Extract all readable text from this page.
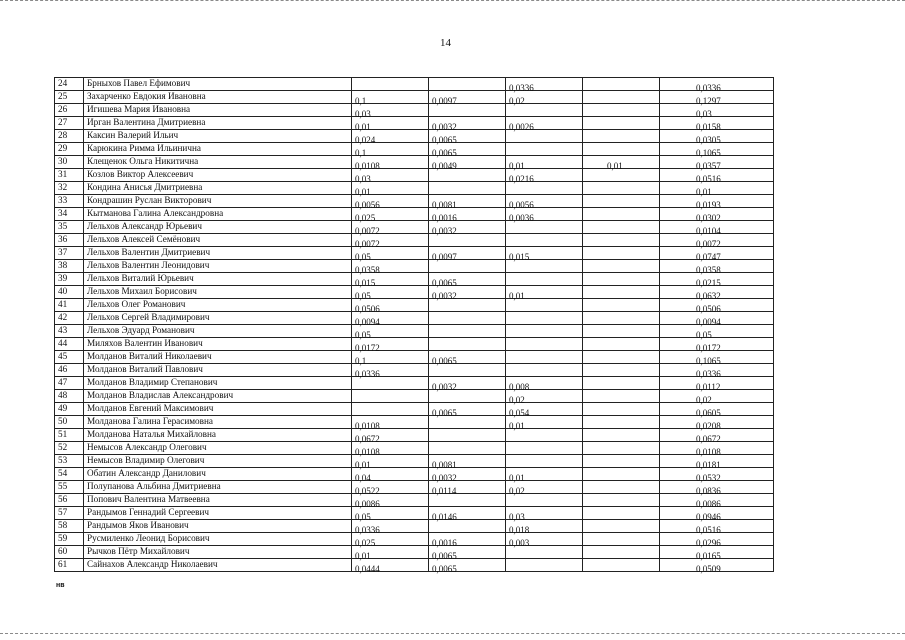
14
24	Брныхов Павел Ефимович			0,0336		0,0336
25	Захарченко Евдокия Ивановна	0,1	0,0097	0,02		0,1297
26	Игишева Мария Ивановна	0,03				0,03
27	Ирган Валентина Дмитриевна	0,01	0,0032	0,0026		0,0158
28	Каксин Валерий Ильич	0,024	0,0065			0,0305
29	Карюкина Римма Ильинична	0,1	0,0065			0,1065
30	Клещенок Ольга Никитична	0,0108	0,0049	0,01	0,01	0,0357
31	Козлов Виктор Алексеевич	0,03		0,0216		0,0516
32	Кондина Анисья Дмитриевна	0,01				0,01
33	Кондрашин Руслан Викторович	0,0056	0,0081	0,0056		0,0193
34	Кытманова Галина Александровна	0,025	0,0016	0,0036		0,0302
35	Лельхов Александр Юрьевич	0,0072	0,0032			0,0104
36	Лельхов Алексей Семёнович	0,0072				0,0072
37	Лельхов Валентин Дмитриевич	0,05	0,0097	0,015		0,0747
38	Лельхов Валентин Леонидович	0,0358				0,0358
39	Лельхов Виталий Юрьевич	0,015	0,0065			0,0215
40	Лельхов Михаил Борисович	0,05	0,0032	0,01		0,0632
41	Лельхов Олег Романович	0,0506				0,0506
42	Лельхов Сергей Владимирович	0,0094				0,0094
43	Лельхов Эдуард Романович	0,05				0,05
44	Миляхов Валентин Иванович	0,0172				0,0172
45	Молданов Виталий Николаевич	0,1	0,0065			0,1065
46	Молданов Виталий Павлович	0,0336				0,0336
47	Молданов Владимир Степанович		0,0032	0,008		0,0112
48	Молданов Владислав Александрович			0,02		0,02
49	Молданов Евгений Максимович		0,0065	0,054		0,0605
50	Молданова Галина Герасимовна	0,0108		0,01		0,0208
51	Молданова Наталья Михайловна	0,0672				0,0672
52	Немысов Александр Олегович	0,0108				0,0108
53	Немысов Владимир Олегович	0,01	0,0081			0,0181
54	Обатин Александр Данилович	0,04	0,0032	0,01		0,0532
55	Полупанова Альбина Дмитриевна	0,0522	0,0114	0,02		0,0836
56	Попович Валентина Матвеевна	0,0086				0,0086
57	Рандымов Геннадий Сергеевич	0,05	0,0146	0,03		0,0946
58	Рандымов Яков Иванович	0,0336		0,018		0,0516
59	Русмиленко Леонид Борисович	0,025	0,0016	0,003		0,0296
60	Рычков Пётр Михайлович	0,01	0,0065			0,0165
61	Сайнахов Александр Николаевич	0,0444	0,0065			0,0509
нв
